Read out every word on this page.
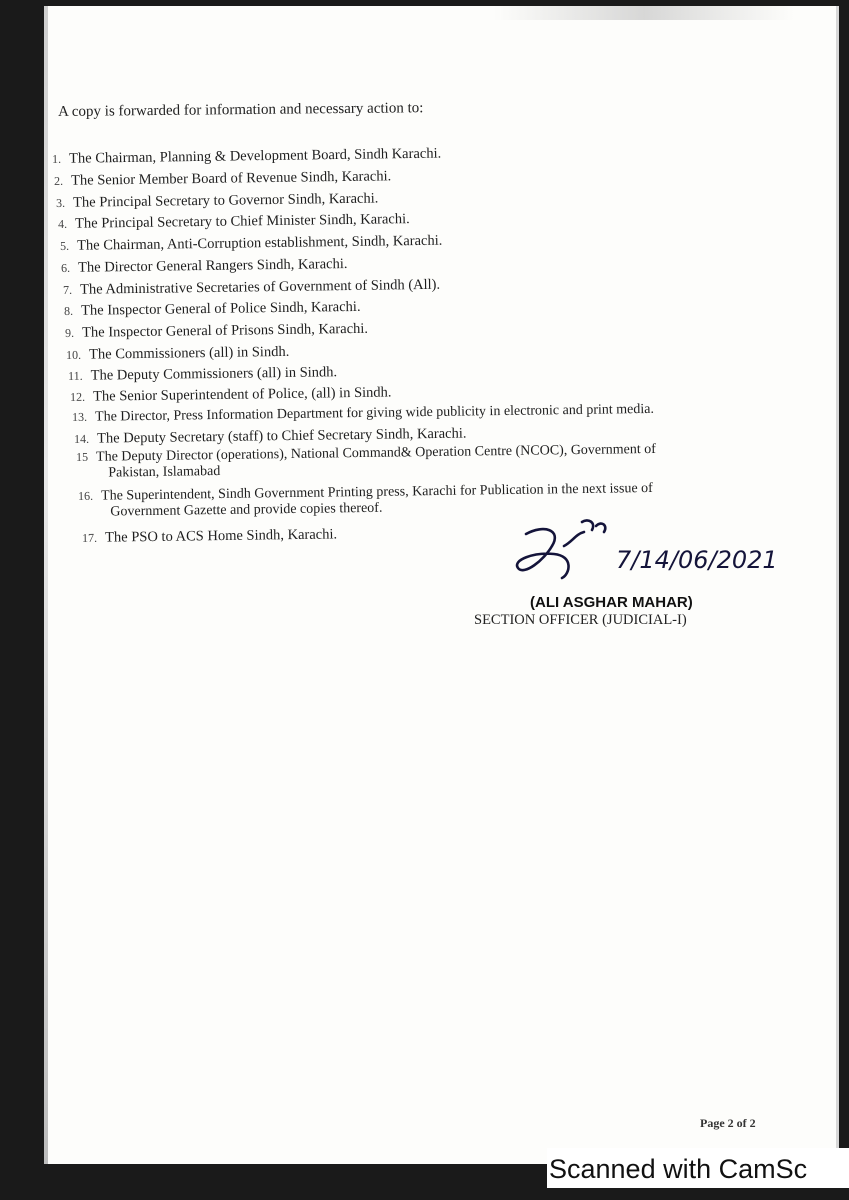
A copy is forwarded for information and necessary action to:
1. The Chairman, Planning & Development Board, Sindh Karachi.
2. The Senior Member Board of Revenue Sindh, Karachi.
3. The Principal Secretary to Governor Sindh, Karachi.
4. The Principal Secretary to Chief Minister Sindh, Karachi.
5. The Chairman, Anti-Corruption establishment, Sindh, Karachi.
6. The Director General Rangers Sindh, Karachi.
7. The Administrative Secretaries of Government of Sindh (All).
8. The Inspector General of Police Sindh, Karachi.
9. The Inspector General of Prisons Sindh, Karachi.
10. The Commissioners (all) in Sindh.
11. The Deputy Commissioners (all) in Sindh.
12. The Senior Superintendent of Police, (all) in Sindh.
13. The Director, Press Information Department for giving wide publicity in electronic and print media.
14. The Deputy Secretary (staff) to Chief Secretary Sindh, Karachi.
15 The Deputy Director (operations), National Command& Operation Centre (NCOC), Government of
Pakistan, Islamabad
16. The Superintendent, Sindh Government Printing press, Karachi for Publication in the next issue of
Government Gazette and provide copies thereof.
17. The PSO to ACS Home Sindh, Karachi.
7/14/06/2021
(ALI ASGHAR MAHAR)
SECTION OFFICER (JUDICIAL-I)
Page 2 of 2
Scanned with CamSc
